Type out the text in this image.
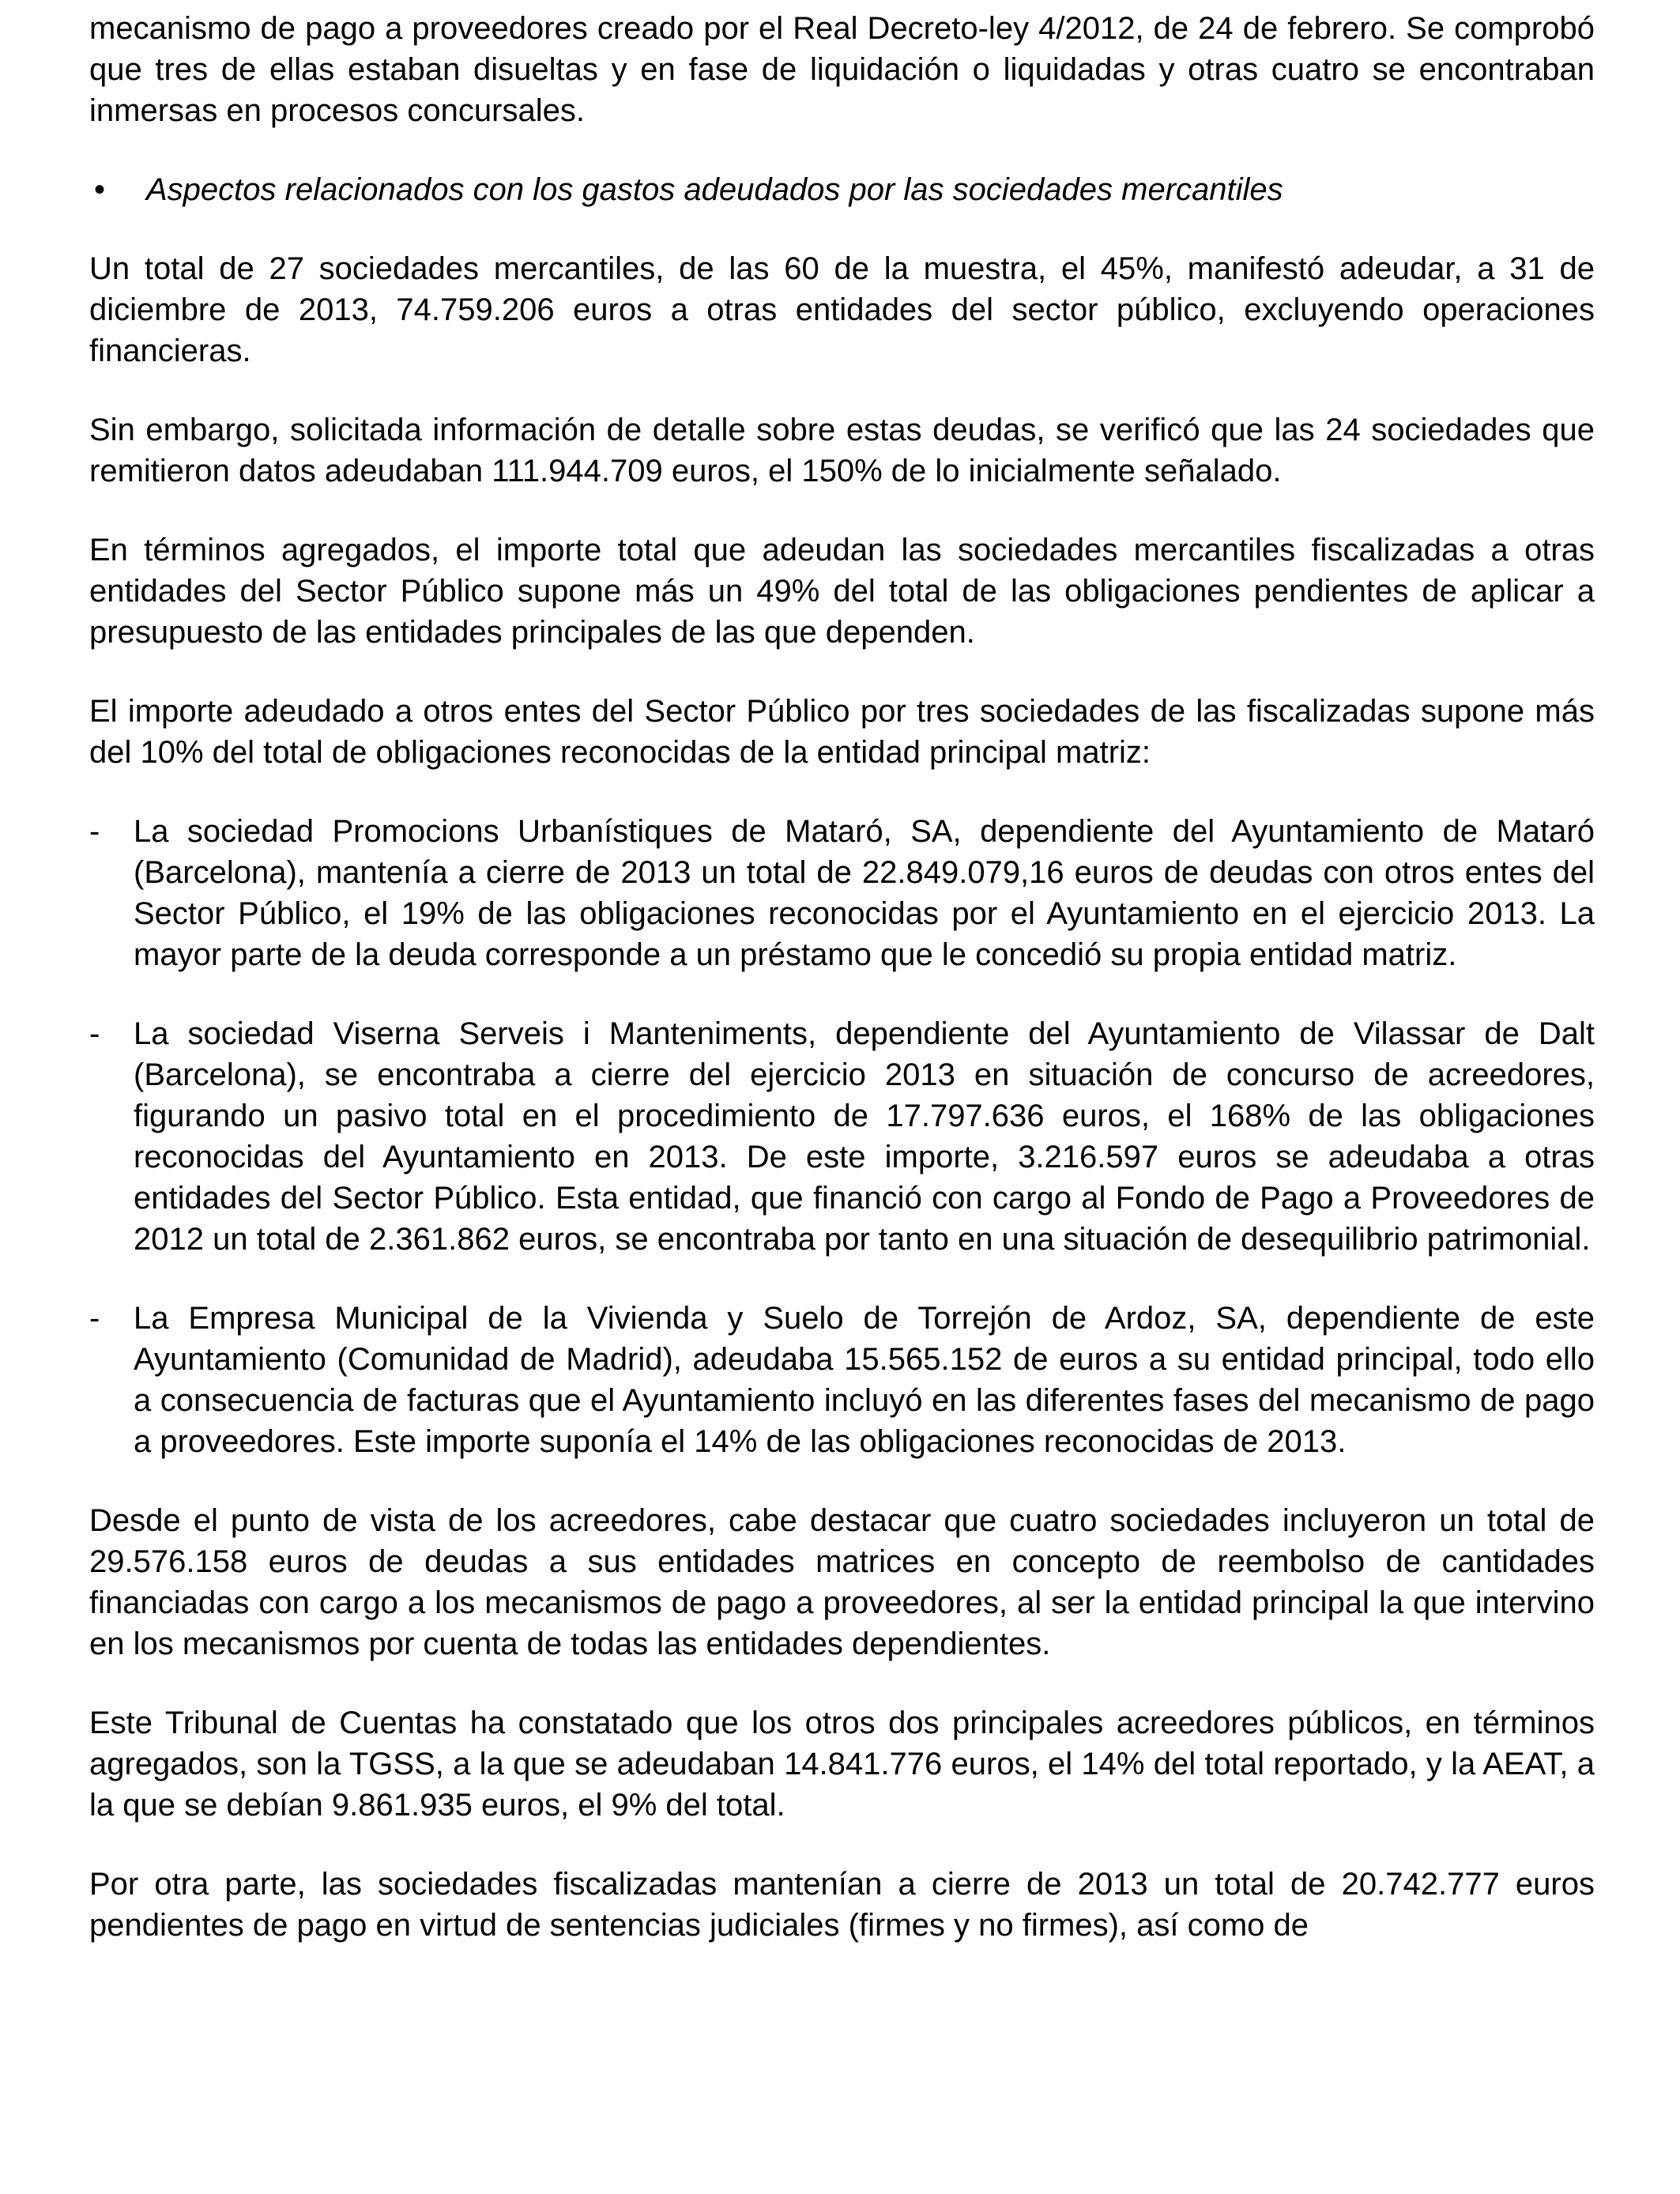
mecanismo de pago a proveedores creado por el Real Decreto-ley 4/2012, de 24 de febrero. Se comprobó que tres de ellas estaban disueltas y en fase de liquidación o liquidadas y otras cuatro se encontraban inmersas en procesos concursales.

• Aspectos relacionados con los gastos adeudados por las sociedades mercantiles

Un total de 27 sociedades mercantiles, de las 60 de la muestra, el 45%, manifestó adeudar, a 31 de diciembre de 2013, 74.759.206 euros a otras entidades del sector público, excluyendo operaciones financieras.

Sin embargo, solicitada información de detalle sobre estas deudas, se verificó que las 24 sociedades que remitieron datos adeudaban 111.944.709 euros, el 150% de lo inicialmente señalado.

En términos agregados, el importe total que adeudan las sociedades mercantiles fiscalizadas a otras entidades del Sector Público supone más un 49% del total de las obligaciones pendientes de aplicar a presupuesto de las entidades principales de las que dependen.

El importe adeudado a otros entes del Sector Público por tres sociedades de las fiscalizadas supone más del 10% del total de obligaciones reconocidas de la entidad principal matriz:

- La sociedad Promocions Urbanístiques de Mataró, SA, dependiente del Ayuntamiento de Mataró (Barcelona), mantenía a cierre de 2013 un total de 22.849.079,16 euros de deudas con otros entes del Sector Público, el 19% de las obligaciones reconocidas por el Ayuntamiento en el ejercicio 2013. La mayor parte de la deuda corresponde a un préstamo que le concedió su propia entidad matriz.
- La sociedad Viserna Serveis i Manteniments, dependiente del Ayuntamiento de Vilassar de Dalt (Barcelona), se encontraba a cierre del ejercicio 2013 en situación de concurso de acreedores, figurando un pasivo total en el procedimiento de 17.797.636 euros, el 168% de las obligaciones reconocidas del Ayuntamiento en 2013. De este importe, 3.216.597 euros se adeudaba a otras entidades del Sector Público. Esta entidad, que financió con cargo al Fondo de Pago a Proveedores de 2012 un total de 2.361.862 euros, se encontraba por tanto en una situación de desequilibrio patrimonial.
- La Empresa Municipal de la Vivienda y Suelo de Torrejón de Ardoz, SA, dependiente de este Ayuntamiento (Comunidad de Madrid), adeudaba 15.565.152 de euros a su entidad principal, todo ello a consecuencia de facturas que el Ayuntamiento incluyó en las diferentes fases del mecanismo de pago a proveedores. Este importe suponía el 14% de las obligaciones reconocidas de 2013.

Desde el punto de vista de los acreedores, cabe destacar que cuatro sociedades incluyeron un total de 29.576.158 euros de deudas a sus entidades matrices en concepto de reembolso de cantidades financiadas con cargo a los mecanismos de pago a proveedores, al ser la entidad principal la que intervino en los mecanismos por cuenta de todas las entidades dependientes.

Este Tribunal de Cuentas ha constatado que los otros dos principales acreedores públicos, en términos agregados, son la TGSS, a la que se adeudaban 14.841.776 euros, el 14% del total reportado, y la AEAT, a la que se debían 9.861.935 euros, el 9% del total.

Por otra parte, las sociedades fiscalizadas mantenían a cierre de 2013 un total de 20.742.777 euros pendientes de pago en virtud de sentencias judiciales (firmes y no firmes), así como de
